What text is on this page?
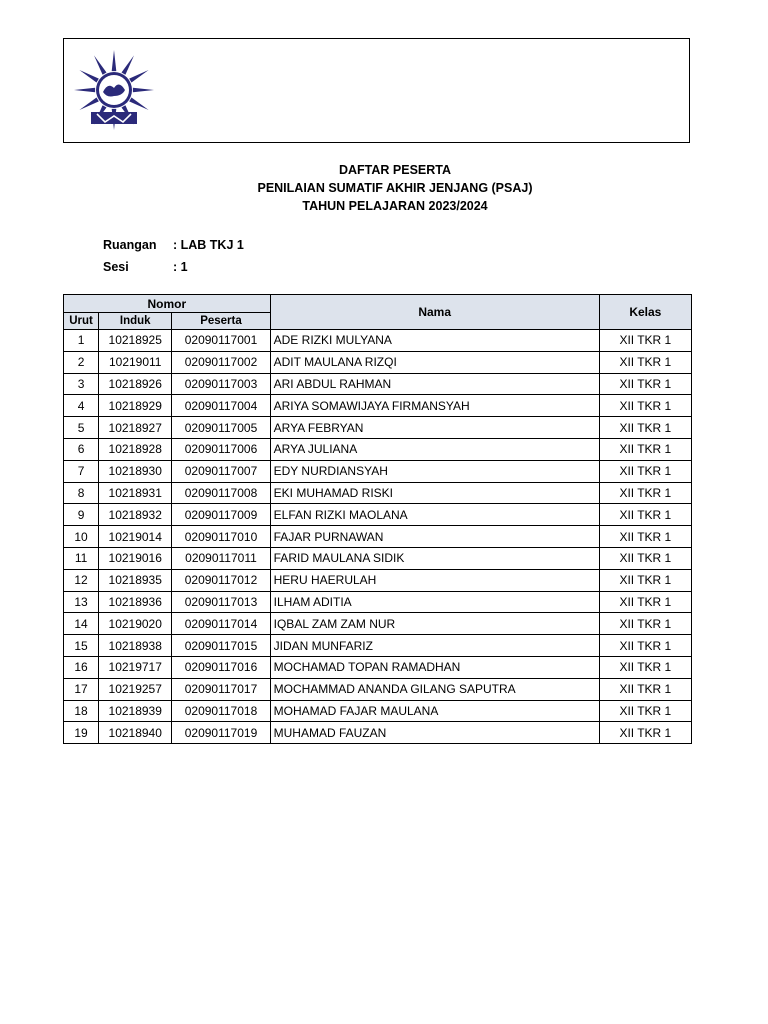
DAFTAR PESERTA
PENILAIAN SUMATIF AKHIR JENJANG (PSAJ)
TAHUN PELAJARAN 2023/2024
Ruangan	: LAB TKJ 1
Sesi	: 1
Nomor			Nama	Kelas
Urut	Induk	Peserta		
1	10218925	02090117001	ADE RIZKI MULYANA	XII TKR 1
2	10219011	02090117002	ADIT MAULANA RIZQI	XII TKR 1
3	10218926	02090117003	ARI ABDUL RAHMAN	XII TKR 1
4	10218929	02090117004	ARIYA SOMAWIJAYA FIRMANSYAH	XII TKR 1
5	10218927	02090117005	ARYA FEBRYAN	XII TKR 1
6	10218928	02090117006	ARYA JULIANA	XII TKR 1
7	10218930	02090117007	EDY NURDIANSYAH	XII TKR 1
8	10218931	02090117008	EKI MUHAMAD RISKI	XII TKR 1
9	10218932	02090117009	ELFAN RIZKI MAOLANA	XII TKR 1
10	10219014	02090117010	FAJAR PURNAWAN	XII TKR 1
11	10219016	02090117011	FARID MAULANA SIDIK	XII TKR 1
12	10218935	02090117012	HERU HAERULAH	XII TKR 1
13	10218936	02090117013	ILHAM ADITIA	XII TKR 1
14	10219020	02090117014	IQBAL ZAM ZAM NUR	XII TKR 1
15	10218938	02090117015	JIDAN MUNFARIZ	XII TKR 1
16	10219717	02090117016	MOCHAMAD TOPAN RAMADHAN	XII TKR 1
17	10219257	02090117017	MOCHAMMAD ANANDA GILANG SAPUTRA	XII TKR 1
18	10218939	02090117018	MOHAMAD FAJAR MAULANA	XII TKR 1
19	10218940	02090117019	MUHAMAD FAUZAN	XII TKR 1
